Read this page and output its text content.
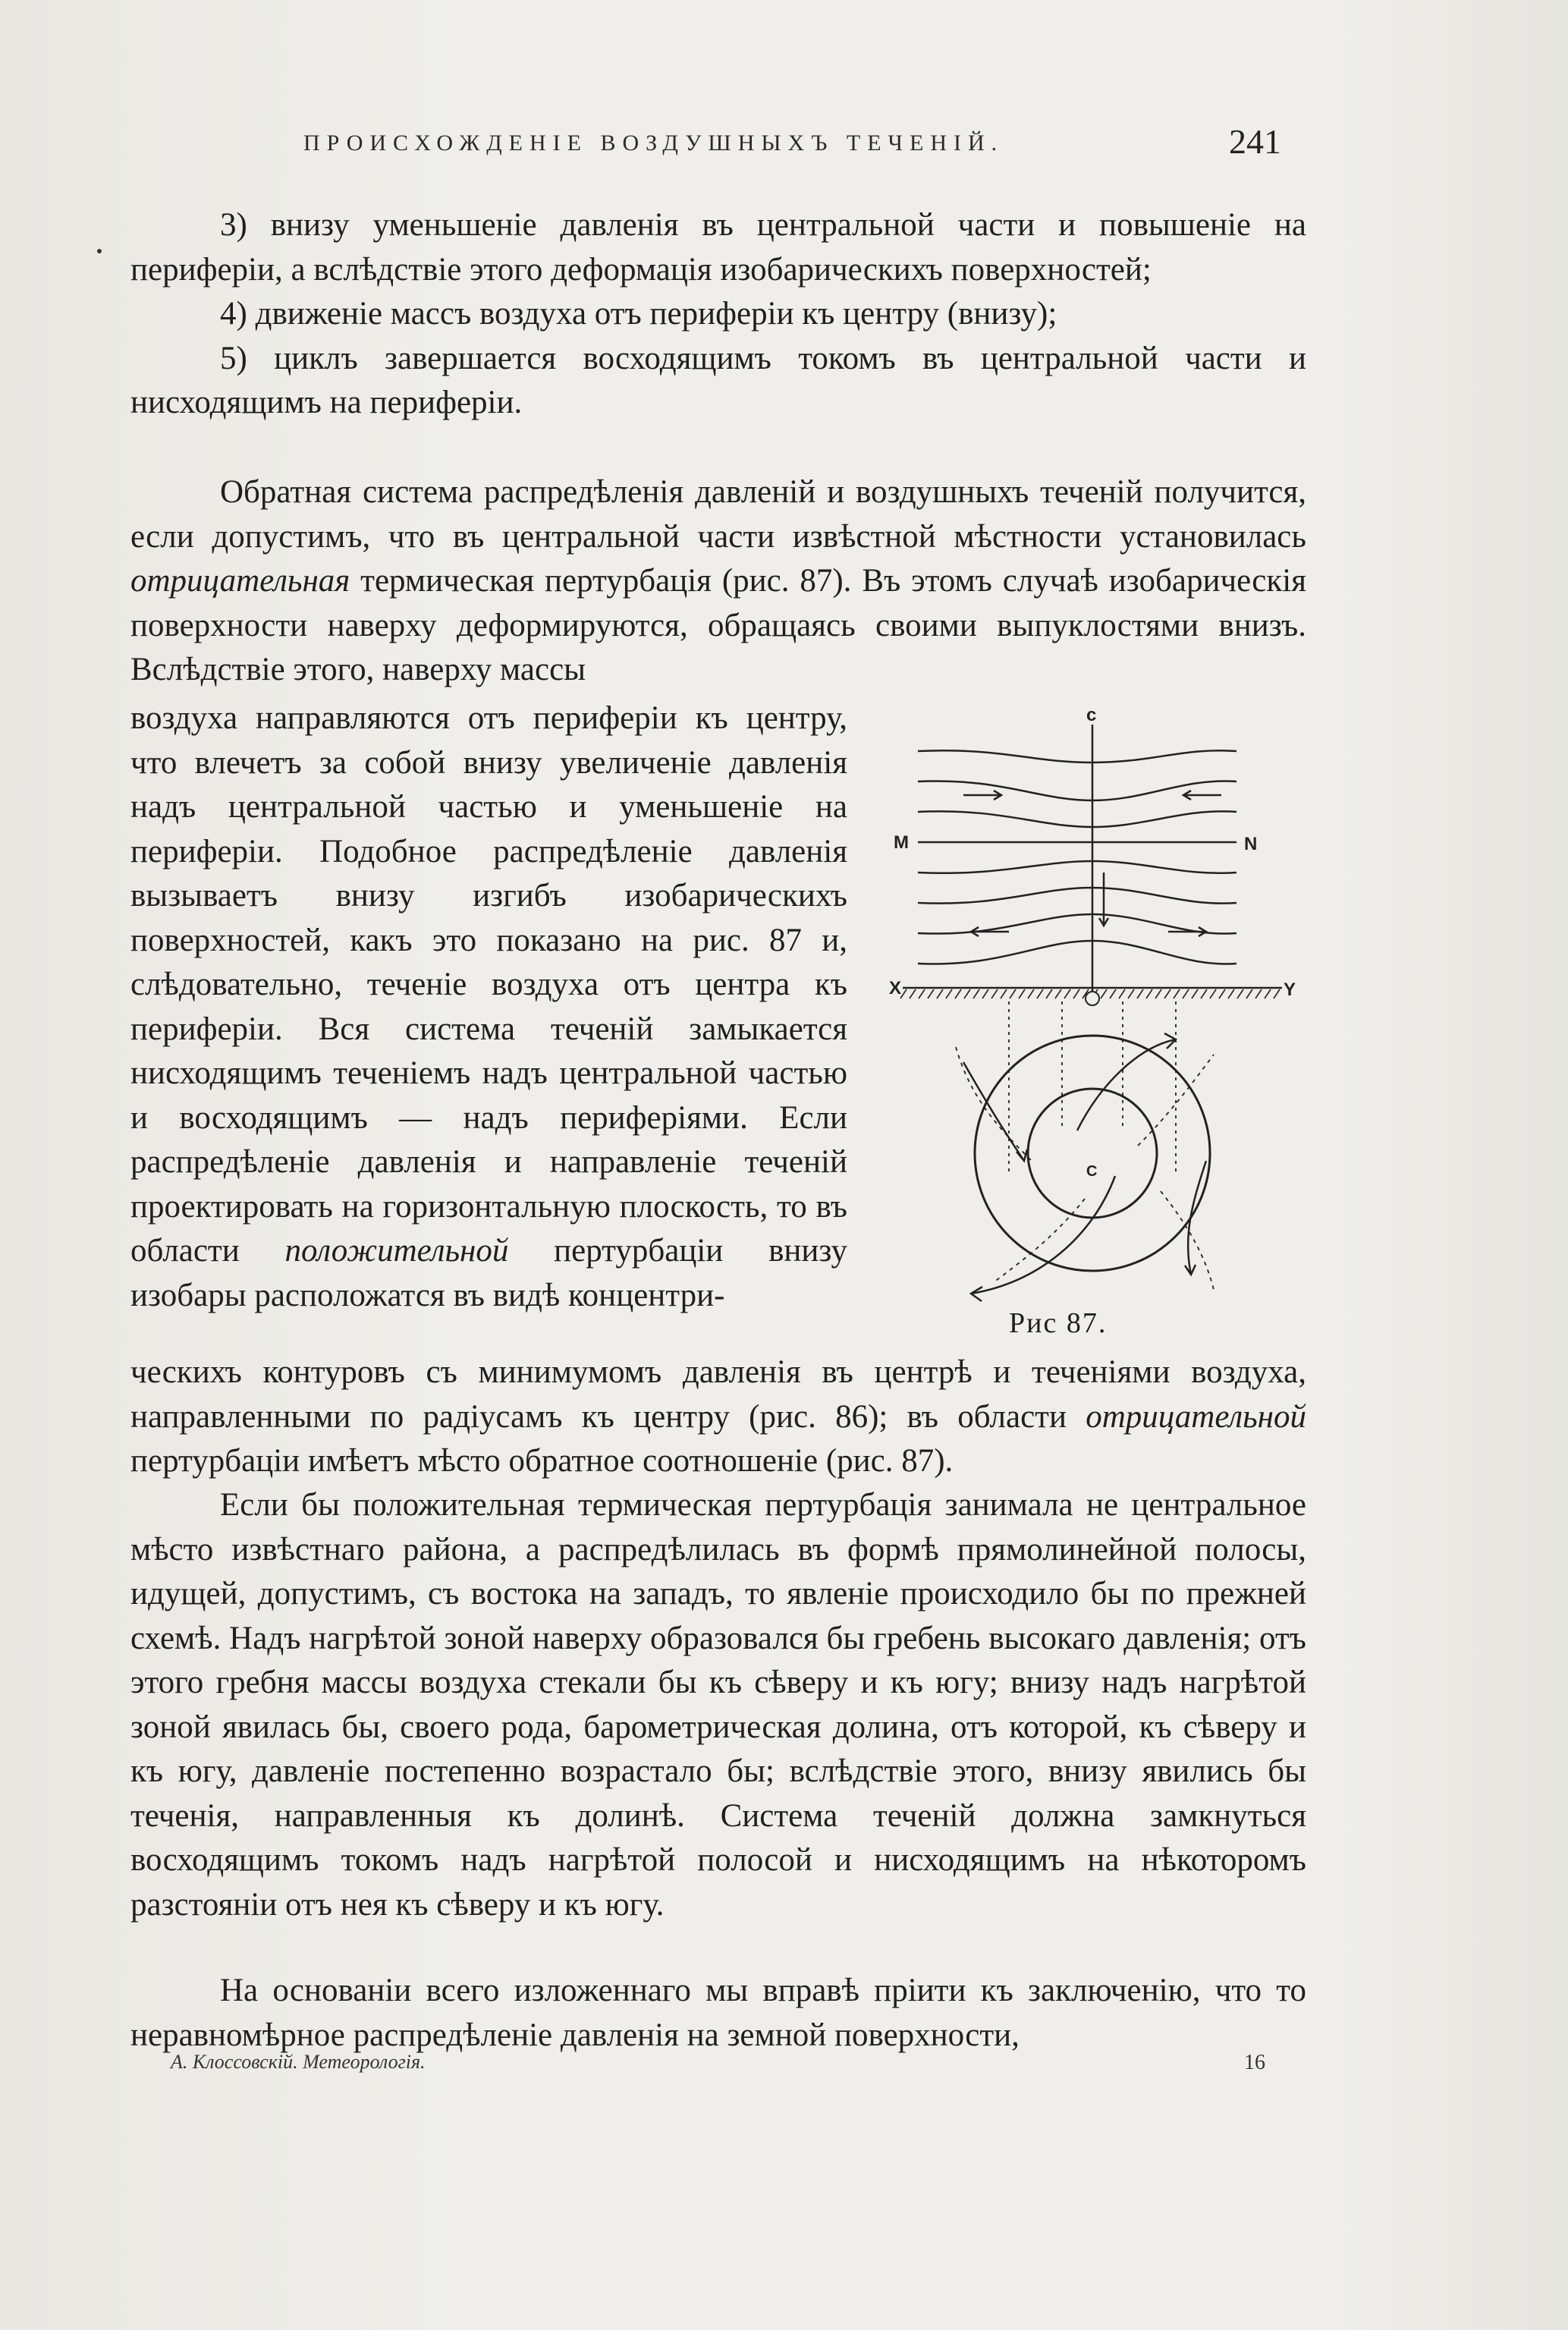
ПРОИСХОЖДЕНІЕ ВОЗДУШНЫХЪ ТЕЧЕНІЙ.	241
3) внизу уменьшеніе давленія въ центральной части и повышеніе на периферіи, а вслѣдствіе этого деформація изобарическихъ поверхностей;
4) движеніе массъ воздуха отъ периферіи къ центру (внизу);
5) циклъ завершается восходящимъ токомъ въ центральной части и нисходящимъ на периферіи.
Обратная система распредѣленія давленій и воздушныхъ теченій получится, если допустимъ, что въ центральной части извѣстной мѣстности установилась отрицательная термическая пертурбація (рис. 87). Въ этомъ случаѣ изобарическія поверхности наверху деформируются, обращаясь своими выпуклостями внизъ. Вслѣдствіе этого, наверху массы
воздуха направляются отъ периферіи къ центру, что влечетъ за собой внизу увеличеніе давленія надъ центральной частью и уменьшеніе на периферіи. Подобное распредѣленіе давленія вызываетъ внизу изгибъ изобарическихъ поверхностей, какъ это показано на рис. 87 и, слѣдовательно, теченіе воздуха отъ центра къ периферіи. Вся система теченій замыкается нисходящимъ теченіемъ надъ центральной частью и восходящимъ — надъ периферіями. Если распредѣленіе давленія и направленіе теченій проектировать на горизонтальную плоскость, то въ области положительной пертурбаціи внизу изобары расположатся въ видѣ концентри-
ческихъ контуровъ съ минимумомъ давленія въ центрѣ и теченіями воздуха, направленными по радіусамъ къ центру (рис. 86); въ области отрицательной пертурбаціи имѣетъ мѣсто обратное соотношеніе (рис. 87).
Если бы положительная термическая пертурбація занимала не центральное мѣсто извѣстнаго района, а распредѣлилась въ формѣ прямолинейной полосы, идущей, допустимъ, съ востока на западъ, то явленіе происходило бы по прежней схемѣ. Надъ нагрѣтой зоной наверху образовался бы гребень высокаго давленія; отъ этого гребня массы воздуха стекали бы къ сѣверу и къ югу; внизу надъ нагрѣтой зоной явилась бы, своего рода, барометрическая долина, отъ которой, къ сѣверу и къ югу, давленіе постепенно возрастало бы; вслѣдствіе этого, внизу явились бы теченія, направленныя къ долинѣ. Система теченій должна замкнуться восходящимъ токомъ надъ нагрѣтой полосой и нисходящимъ на нѣкоторомъ разстояніи отъ нея къ сѣверу и къ югу.
На основаніи всего изложеннаго мы вправѣ пріити къ заключенію, что то неравномѣрное распредѣленіе давленія на земной поверхности,
c
M	N
X	Y
C
Рис 87.
А. Клоссовскій. Метеорологія.	16
